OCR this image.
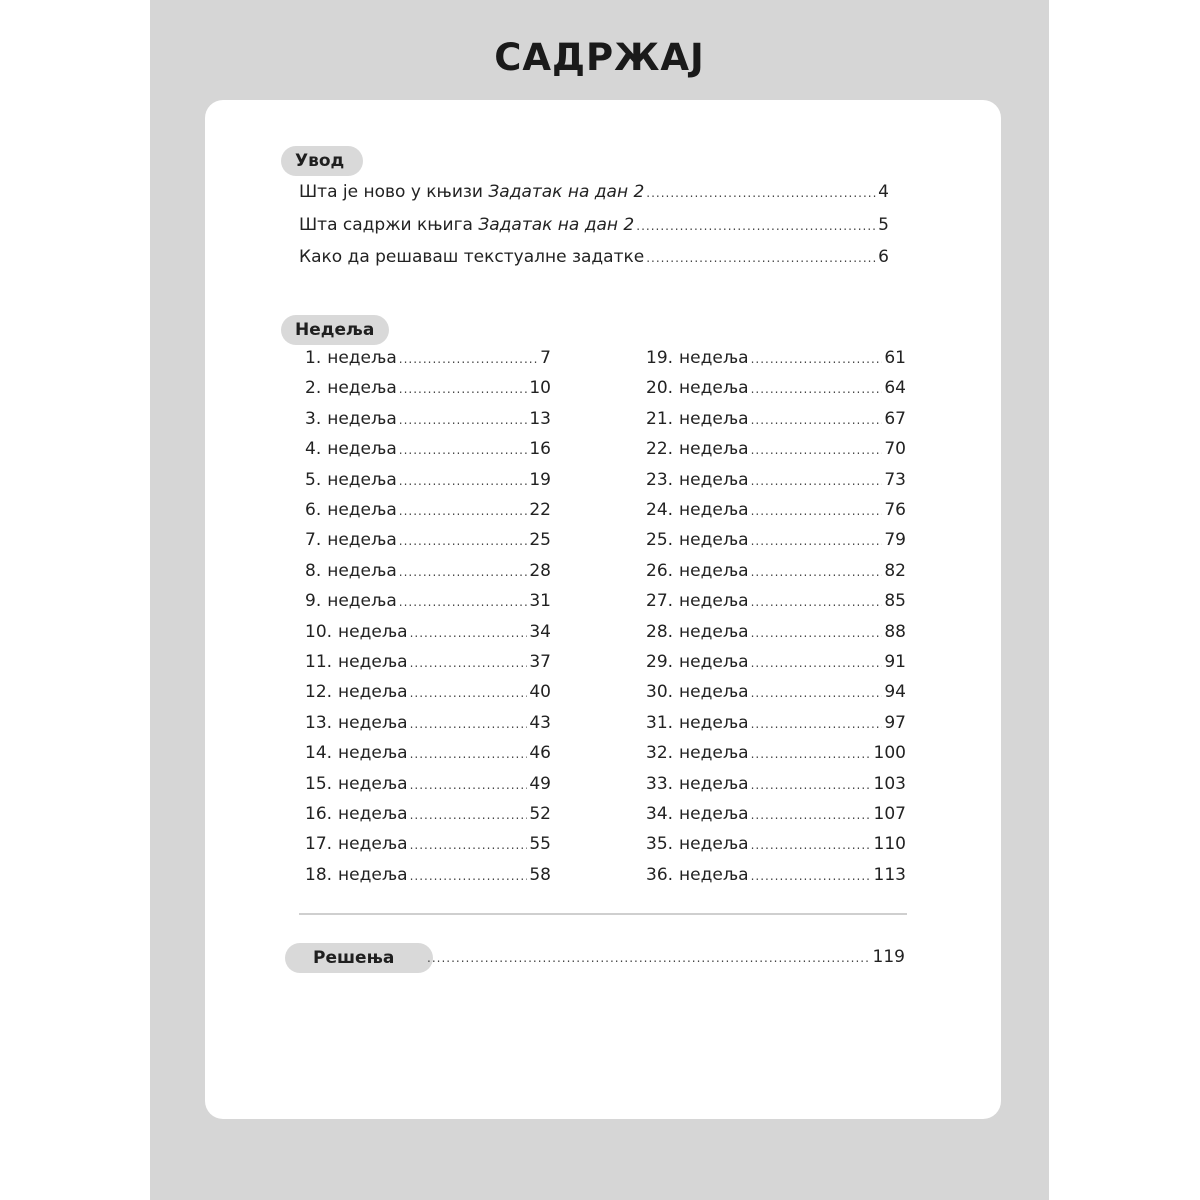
САДРЖАЈ
Увод
Шта је ново у књизи Задатак на дан 2 .....	4
Шта садржи књига Задатак на дан 2 .....	5
Како да решаваш текстуалне задатке .....	6
Недеља
1. недеља .....	7
2. недеља .....	10
3. недеља .....	13
4. недеља .....	16
5. недеља .....	19
6. недеља .....	22
7. недеља .....	25
8. недеља .....	28
9. недеља .....	31
10. недеља .....	34
11. недеља .....	37
12. недеља .....	40
13. недеља .....	43
14. недеља .....	46
15. недеља .....	49
16. недеља .....	52
17. недеља .....	55
18. недеља .....	58
19. недеља .....	61
20. недеља .....	64
21. недеља .....	67
22. недеља .....	70
23. недеља .....	73
24. недеља .....	76
25. недеља .....	79
26. недеља .....	82
27. недеља .....	85
28. недеља .....	88
29. недеља .....	91
30. недеља .....	94
31. недеља .....	97
32. недеља .....	100
33. недеља .....	103
34. недеља .....	107
35. недеља .....	110
36. недеља .....	113
Решења .....	119
